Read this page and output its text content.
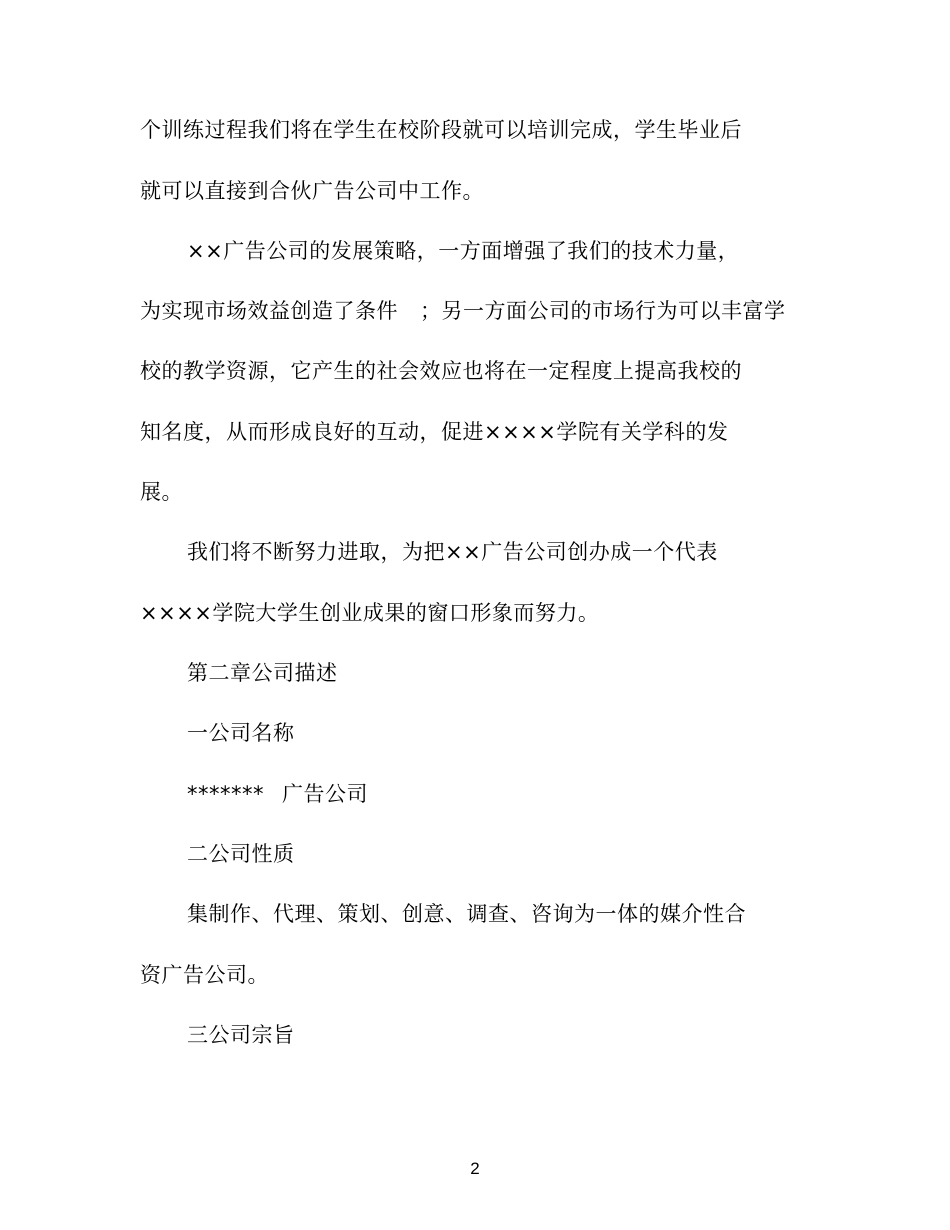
个训练过程我们将在学生在校阶段就可以培训完成，学生毕业后
就可以直接到合伙广告公司中工作。
××广告公司的发展策略，一方面增强了我们的技术力量，
为实现市场效益创造了条件 ；另一方面公司的市场行为可以丰富学
校的教学资源，它产生的社会效应也将在一定程度上提高我校的
知名度，从而形成良好的互动，促进××××学院有关学科的发
展。
我们将不断努力进取，为把××广告公司创办成一个代表
××××学院大学生创业成果的窗口形象而努力。
第二章公司描述
一公司名称
******* 广告公司
二公司性质
集制作、代理、策划、创意、调查、咨询为一体的媒介性合
资广告公司。
三公司宗旨
2
